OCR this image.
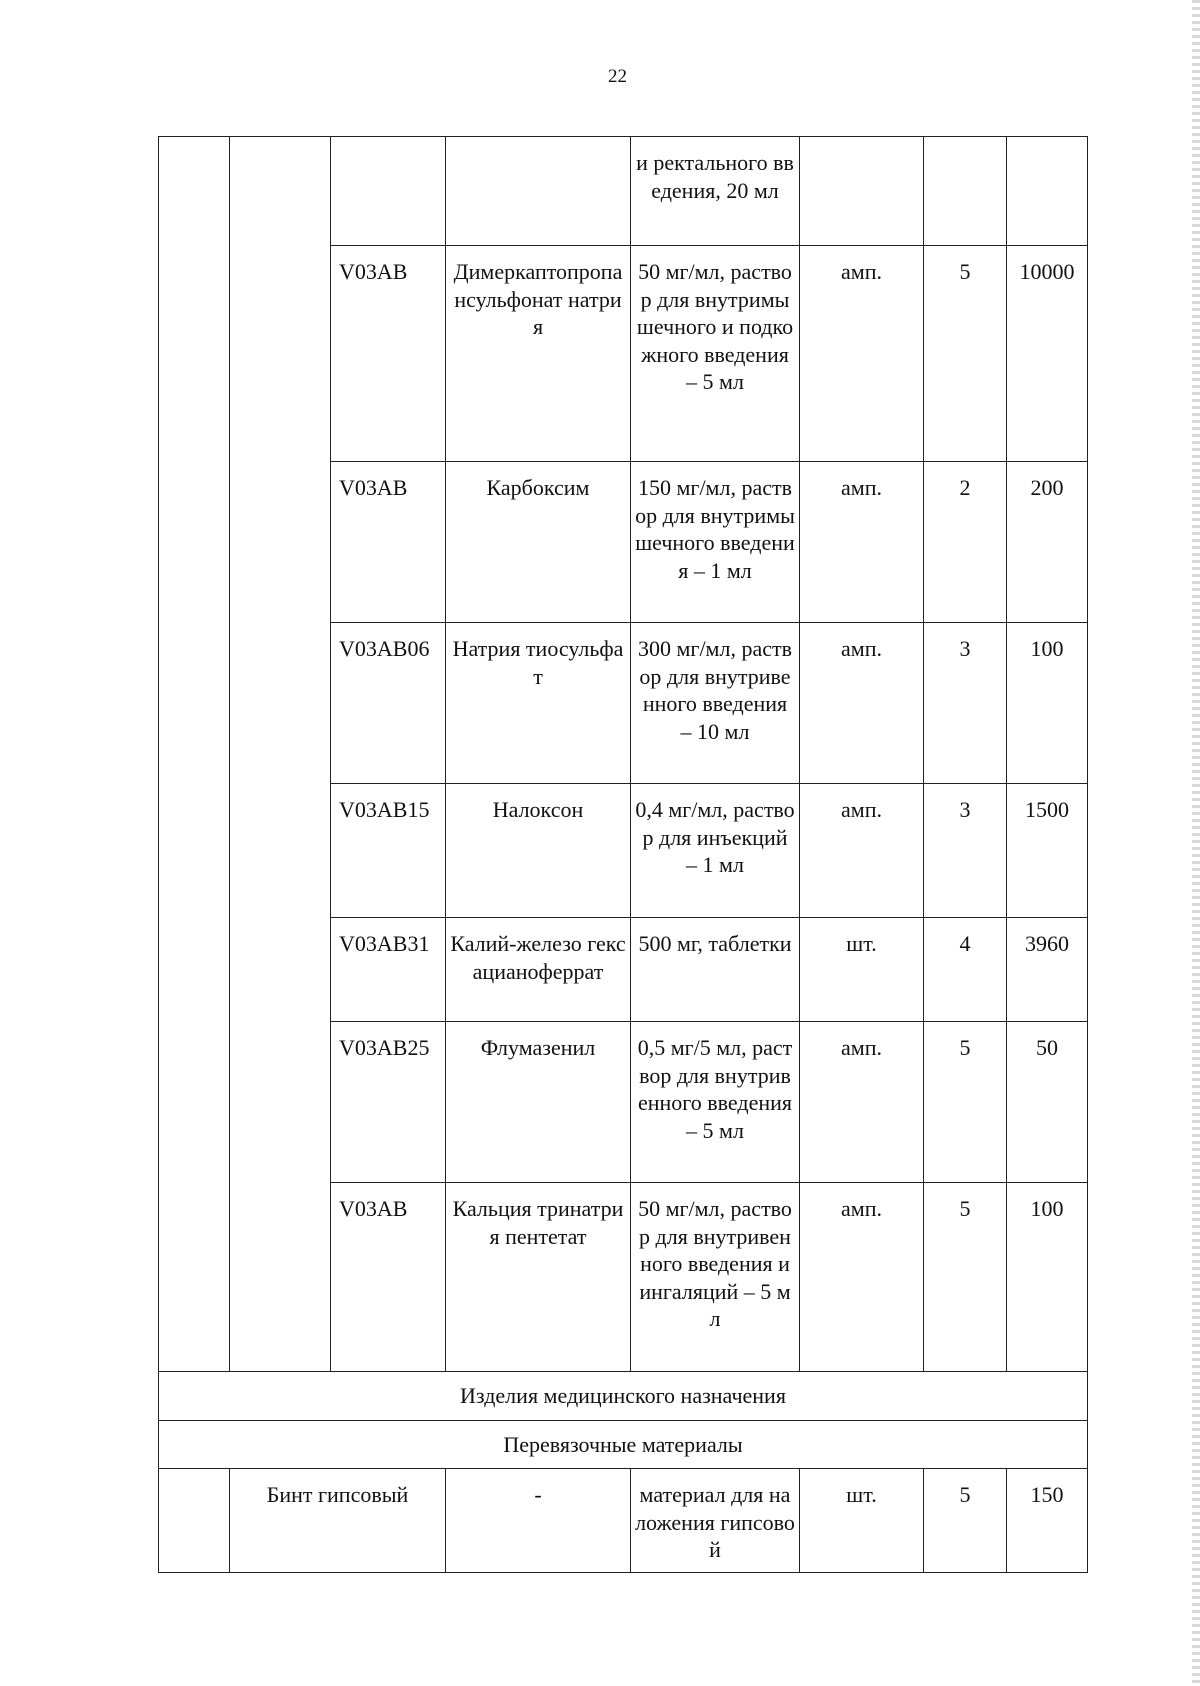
22
				и ректального введения, 20 мл			
		V03AB	Димеркаптопропансульфонат натрия	50 мг/мл, раствор для внутримышечного и подкожного введения – 5 мл	амп.	5	10000
		V03AB	Карбоксим	150 мг/мл, раствор для внутримышечного введения – 1 мл	амп.	2	200
		V03AB06	Натрия тиосульфат	300 мг/мл, раствор для внутривенного введения – 10 мл	амп.	3	100
		V03AB15	Налоксон	0,4 мг/мл, раствор для инъекций – 1 мл	амп.	3	1500
		V03AB31	Калий-железо гексацианоферрат	500 мг, таблетки	шт.	4	3960
		V03AB25	Флумазенил	0,5 мг/5 мл, раствор для внутривенного введения – 5 мл	амп.	5	50
		V03AB	Кальция тринатрия пентетат	50 мг/мл, раствор для внутривенного введения и ингаляций – 5 мл	амп.	5	100
Изделия медицинского назначения							
Перевязочные материалы							
	Бинт гипсовый		-	материал для наложения гипсовой	шт.	5	150
